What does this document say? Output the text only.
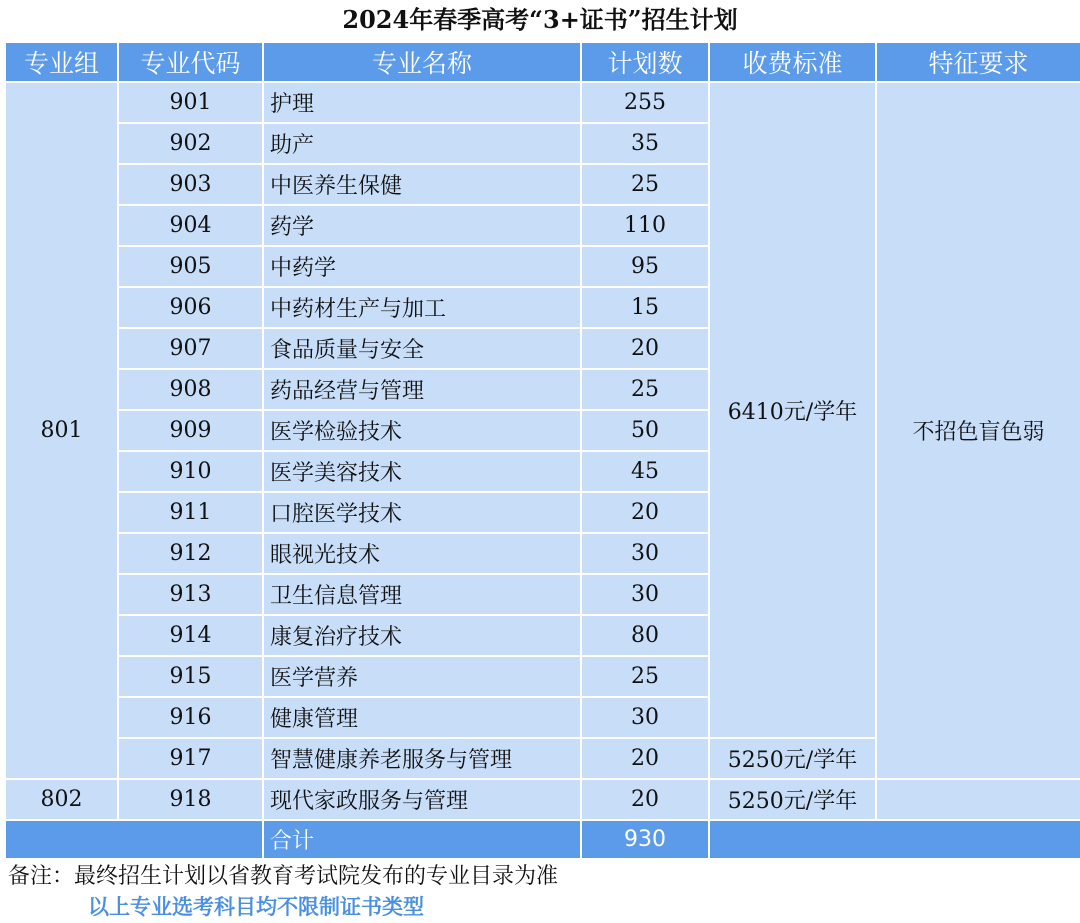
2024年春季高考“3+证书”招生计划
专业组	专业代码	专业名称	计划数	收费标准	特征要求
801	901	护理	255	6410元/学年	不招色盲色弱
	902	助产	35		
	903	中医养生保健	25		
	904	药学	110		
	905	中药学	95		
	906	中药材生产与加工	15		
	907	食品质量与安全	20		
	908	药品经营与管理	25		
	909	医学检验技术	50		
	910	医学美容技术	45		
	911	口腔医学技术	20		
	912	眼视光技术	30		
	913	卫生信息管理	30		
	914	康复治疗技术	80		
	915	医学营养	25		
	916	健康管理	30		
	917	智慧健康养老服务与管理	20	5250元/学年	
802	918	现代家政服务与管理	20	5250元/学年	
		合计	930		
备注：最终招生计划以省教育考试院发布的专业目录为准
以上专业选考科目均不限制证书类型
